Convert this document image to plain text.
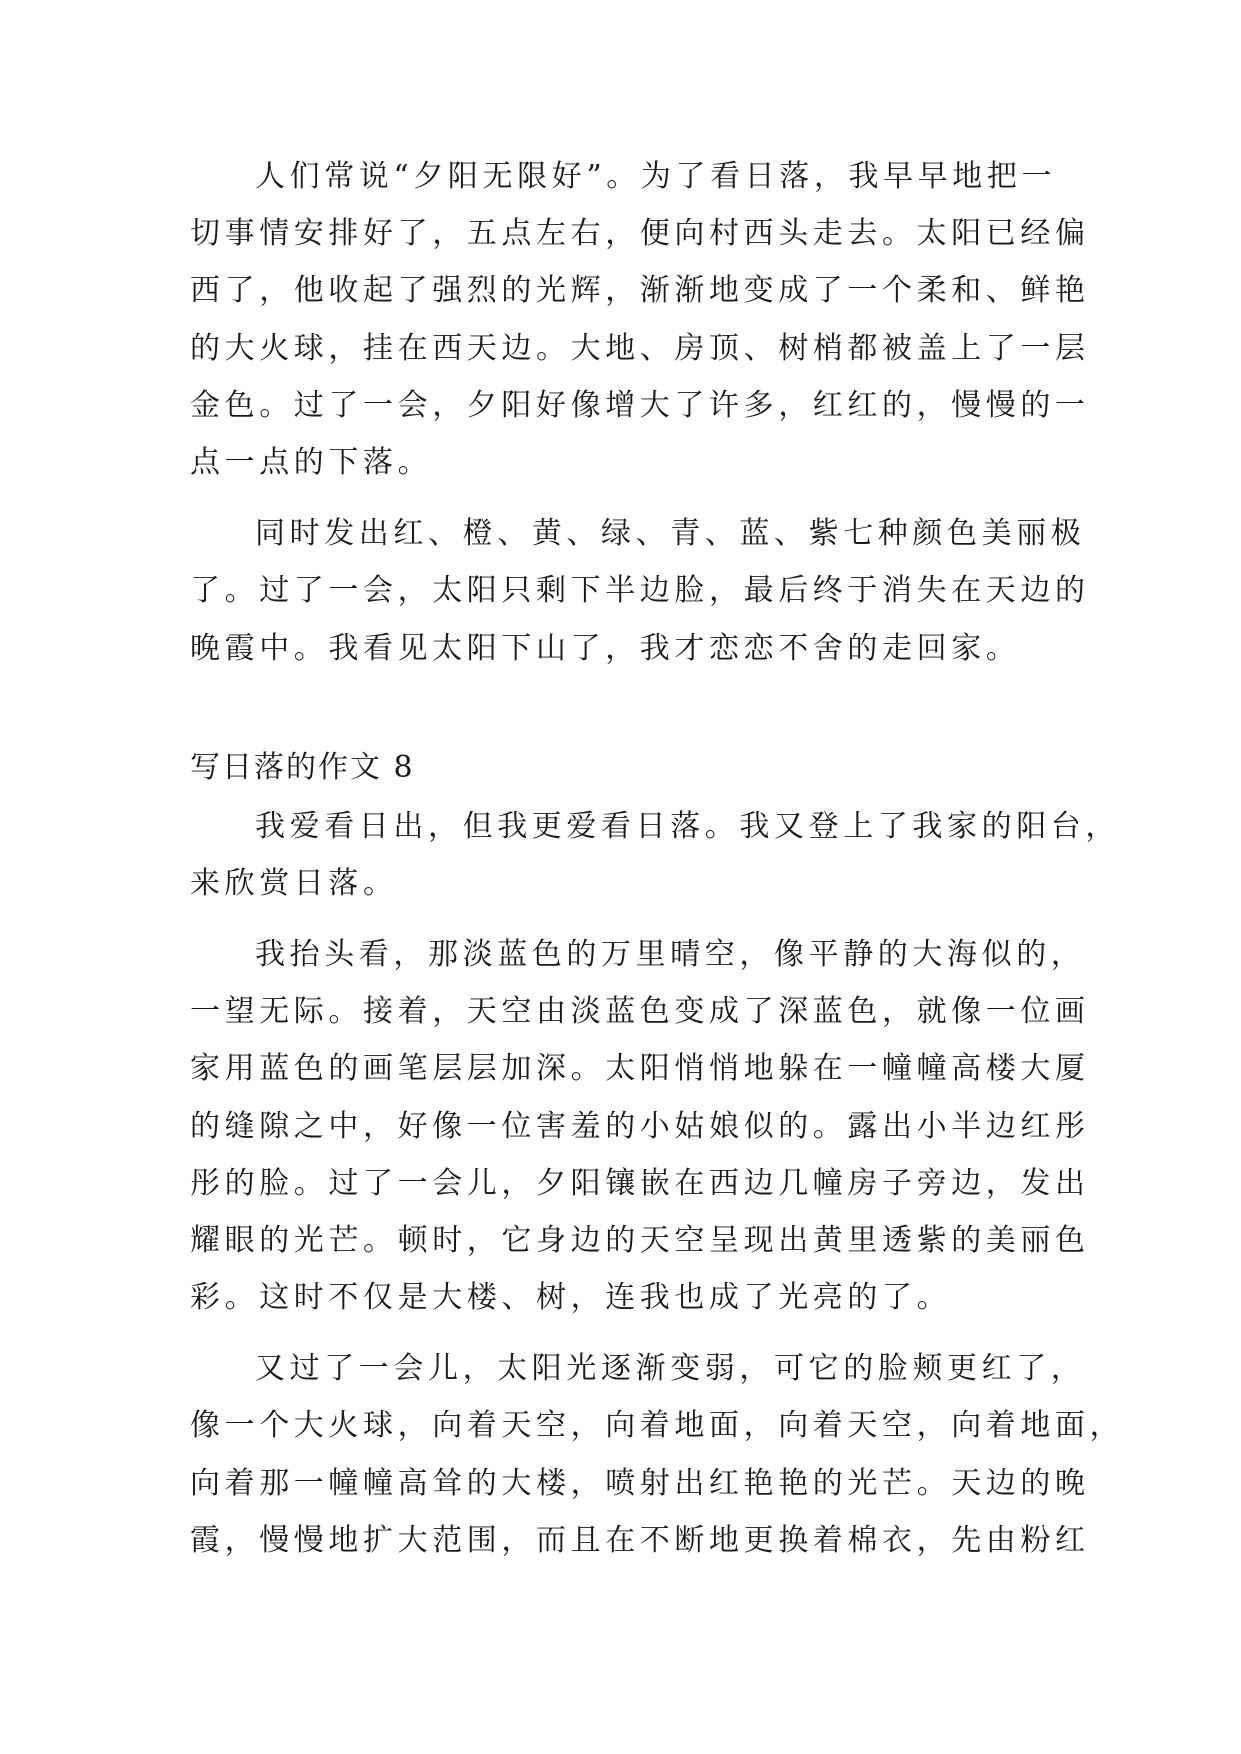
人们常说“夕阳无限好”。为了看日落，我早早地把一
切事情安排好了，五点左右，便向村西头走去。太阳已经偏
西了，他收起了强烈的光辉，渐渐地变成了一个柔和、鲜艳
的大火球，挂在西天边。大地、房顶、树梢都被盖上了一层
金色。过了一会，夕阳好像增大了许多，红红的，慢慢的一
点一点的下落。
同时发出红、橙、黄、绿、青、蓝、紫七种颜色美丽极
了。过了一会，太阳只剩下半边脸，最后终于消失在天边的
晚霞中。我看见太阳下山了，我才恋恋不舍的走回家。
写日落的作文 8
我爱看日出，但我更爱看日落。我又登上了我家的阳台，
来欣赏日落。
我抬头看，那淡蓝色的万里晴空，像平静的大海似的，
一望无际。接着，天空由淡蓝色变成了深蓝色，就像一位画
家用蓝色的画笔层层加深。太阳悄悄地躲在一幢幢高楼大厦
的缝隙之中，好像一位害羞的小姑娘似的。露出小半边红彤
彤的脸。过了一会儿，夕阳镶嵌在西边几幢房子旁边，发出
耀眼的光芒。顿时，它身边的天空呈现出黄里透紫的美丽色
彩。这时不仅是大楼、树，连我也成了光亮的了。
又过了一会儿，太阳光逐渐变弱，可它的脸颊更红了，
像一个大火球，向着天空，向着地面，向着天空，向着地面，
向着那一幢幢高耸的大楼，喷射出红艳艳的光芒。天边的晚
霞，慢慢地扩大范围，而且在不断地更换着棉衣，先由粉红
